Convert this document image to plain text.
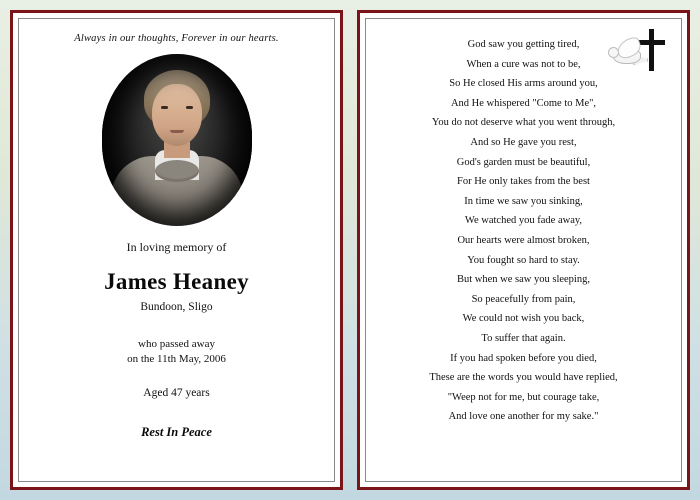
Always in our thoughts, Forever in our hearts.
In loving memory of
James Heaney
Bundoon, Sligo
who passed away
on the 11th May, 2006
Aged 47 years
Rest In Peace
God saw you getting tired,
When a cure was not to be,
So He closed His arms around you,
And He whispered "Come to Me",
You do not deserve what you went through,
And so He gave you rest,
God's garden must be beautiful,
For He only takes from the best
In time we saw you sinking,
We watched you fade away,
Our hearts were almost broken,
You fought so hard to stay.
But when we saw you sleeping,
So peacefully from pain,
We could not wish you back,
To suffer that again.
If you had spoken before you died,
These are the words you would have replied,
"Weep not for me, but courage take,
And love one another for my sake."
